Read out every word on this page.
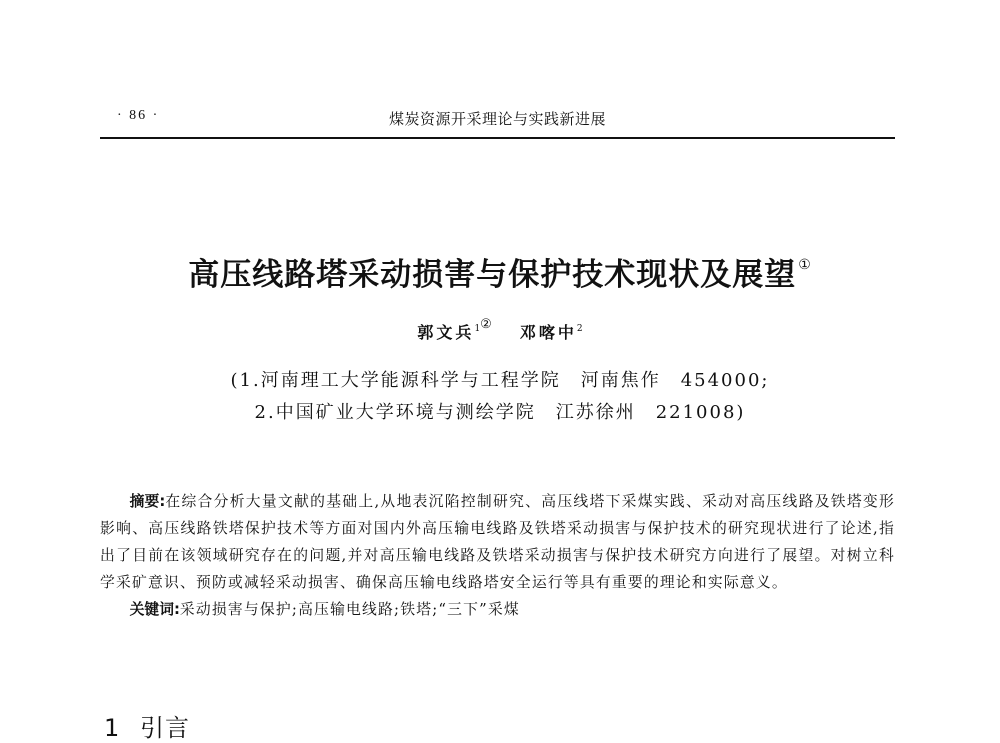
· 86 ·	煤炭资源开采理论与实践新进展
高压线路塔采动损害与保护技术现状及展望 ①
郭文兵$^{1②}$ 邓喀中$^2$
(1.河南理工大学能源科学与工程学院　河南焦作　454000;
2.中国矿业大学环境与测绘学院　江苏徐州　221008)

摘要:在综合分析大量文献的基础上,从地表沉陷控制研究、高压线塔下采煤实践、采动对高压线路及铁塔变形影响、高压线路铁塔保护技术等方面对国内外高压输电线路及铁塔采动损害与保护技术的研究现状进行了论述,指出了目前在该领域研究存在的问题,并对高压输电线路及铁塔采动损害与保护技术研究方向进行了展望。对树立科学采矿意识、预防或减轻采动损害、确保高压输电线路塔安全运行等具有重要的理论和实际意义。

关键词:采动损害与保护;高压输电线路;铁塔;“三下”采煤

1 引言
